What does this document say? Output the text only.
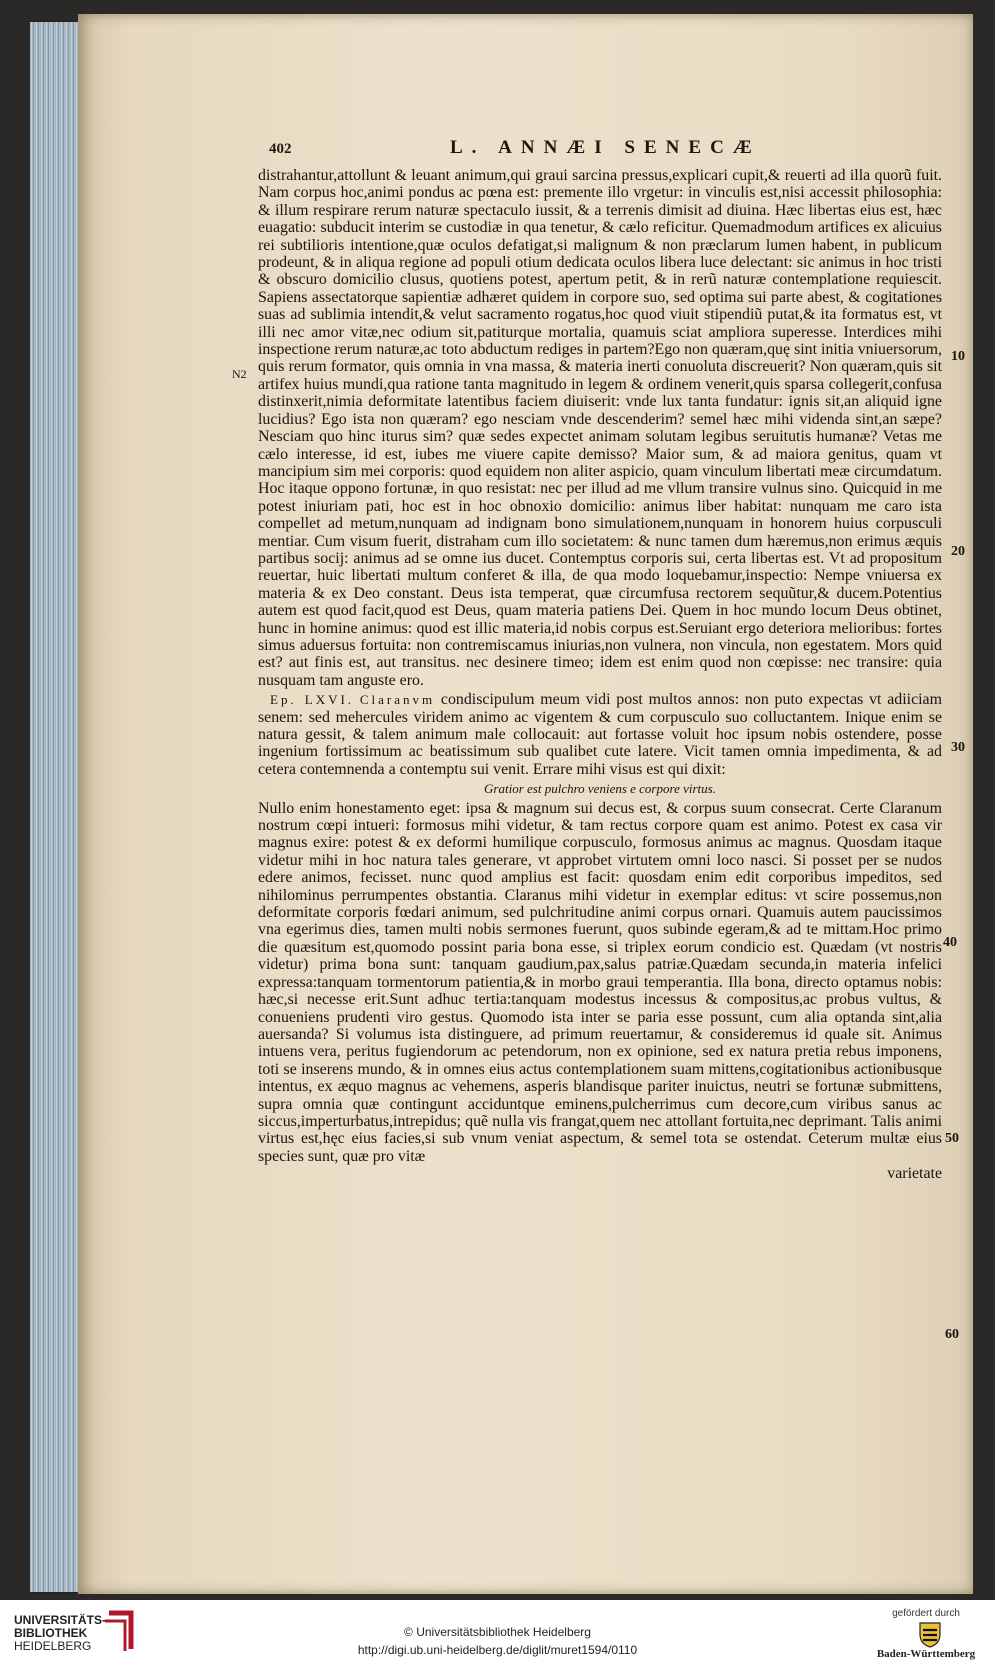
402	L. ANNÆI SENECÆ
N2
10
20
30
40
50
60

distrahantur,attollunt & leuant animum,qui graui sarcina pressus,explicari cupit,& reuerti ad illa quorũ fuit. Nam corpus hoc,animi pondus ac pœna est: premente illo vrgetur: in vinculis est,nisi accessit philosophia: & illum respirare rerum naturæ spectaculo iussit, & a terrenis dimisit ad diuina. Hæc libertas eius est, hæc euagatio: subducit interim se custodiæ in qua tenetur, & cælo reficitur. Quemadmodum artifices ex alicuius rei subtilioris intentione,quæ oculos defatigat,si malignum & non præclarum lumen habent, in publicum prodeunt, & in aliqua regione ad populi otium dedicata oculos libera luce delectant: sic animus in hoc tristi & obscuro domicilio clusus, quotiens potest, apertum petit, & in rerũ naturæ contemplatione requiescit. Sapiens assectatorque sapientiæ adhæret quidem in corpore suo, sed optima sui parte abest, & cogitationes suas ad sublimia intendit,& velut sacramento rogatus,hoc quod viuit stipendiũ putat,& ita formatus est, vt illi nec amor vitæ,nec odium sit,patiturque mortalia, quamuis sciat ampliora superesse. Interdices mihi inspectione rerum naturæ,ac toto abductum rediges in partem?Ego non quæram,quę sint initia vniuersorum, quis rerum formator, quis omnia in vna massa, & materia inerti conuoluta discreuerit? Non quæram,quis sit artifex huius mundi,qua ratione tanta magnitudo in legem & ordinem venerit,quis sparsa collegerit,confusa distinxerit,nimia deformitate latentibus faciem diuiserit: vnde lux tanta fundatur: ignis sit,an aliquid igne lucidius? Ego ista non quæram? ego nesciam vnde descenderim? semel hæc mihi videnda sint,an sæpe? Nesciam quo hinc iturus sim? quæ sedes expectet animam solutam legibus seruitutis humanæ? Vetas me cælo interesse, id est, iubes me viuere capite demisso? Maior sum, & ad maiora genitus, quam vt mancipium sim mei corporis: quod equidem non aliter aspicio, quam vinculum libertati meæ circumdatum. Hoc itaque oppono fortunæ, in quo resistat: nec per illud ad me vllum transire vulnus sino. Quicquid in me potest iniuriam pati, hoc est in hoc obnoxio domicilio: animus liber habitat: nunquam me caro ista compellet ad metum,nunquam ad indignam bono simulationem,nunquam in honorem huius corpusculi mentiar. Cum visum fuerit, distraham cum illo societatem: & nunc tamen dum hæremus,non erimus æquis partibus socij: animus ad se omne ius ducet. Contemptus corporis sui, certa libertas est. Vt ad propositum reuertar, huic libertati multum conferet & illa, de qua modo loquebamur,inspectio: Nempe vniuersa ex materia & ex Deo constant. Deus ista temperat, quæ circumfusa rectorem sequũtur,& ducem.Potentius autem est quod facit,quod est Deus, quam materia patiens Dei. Quem in hoc mundo locum Deus obtinet, hunc in homine animus: quod est illic materia,id nobis corpus est.Seruiant ergo deteriora melioribus: fortes simus aduersus fortuita: non contremiscamus iniurias,non vulnera, non vincula, non egestatem. Mors quid est? aut finis est, aut transitus. nec desinere timeo; idem est enim quod non cœpisse: nec transire: quia nusquam tam anguste ero.

Ep. LXVI. Claranvm condiscipulum meum vidi post multos annos: non puto expectas vt adiiciam senem: sed mehercules viridem animo ac vigentem & cum corpusculo suo colluctantem. Inique enim se natura gessit, & talem animum male collocauit: aut fortasse voluit hoc ipsum nobis ostendere, posse ingenium fortissimum ac beatissimum sub qualibet cute latere. Vicit tamen omnia impedimenta, & ad cetera contemnenda a contemptu sui venit. Errare mihi visus est qui dixit:

Gratior est pulchro veniens e corpore virtus.

Nullo enim honestamento eget: ipsa & magnum sui decus est, & corpus suum consecrat. Certe Claranum nostrum cœpi intueri: formosus mihi videtur, & tam rectus corpore quam est animo. Potest ex casa vir magnus exire: potest & ex deformi humilique corpusculo, formosus animus ac magnus. Quosdam itaque videtur mihi in hoc natura tales generare, vt approbet virtutem omni loco nasci. Si posset per se nudos edere animos, fecisset. nunc quod amplius est facit: quosdam enim edit corporibus impeditos, sed nihilominus perrumpentes obstantia. Claranus mihi videtur in exemplar editus: vt scire possemus,non deformitate corporis fœdari animum, sed pulchritudine animi corpus ornari. Quamuis autem paucissimos vna egerimus dies, tamen multi nobis sermones fuerunt, quos subinde egeram,& ad te mittam.Hoc primo die quæsitum est,quomodo possint paria bona esse, si triplex eorum condicio est. Quædam (vt nostris videtur) prima bona sunt: tanquam gaudium,pax,salus patriæ.Quædam secunda,in materia infelici expressa:tanquam tormentorum patientia,& in morbo graui temperantia. Illa bona, directo optamus nobis: hæc,si necesse erit.Sunt adhuc tertia:tanquam modestus incessus & compositus,ac probus vultus, & conueniens prudenti viro gestus. Quomodo ista inter se paria esse possunt, cum alia optanda sint,alia auersanda? Si volumus ista distinguere, ad primum reuertamur, & consideremus id quale sit. Animus intuens vera, peritus fugiendorum ac petendorum, non ex opinione, sed ex natura pretia rebus imponens, toti se inserens mundo, & in omnes eius actus contemplationem suam mittens,cogitationibus actionibusque intentus, ex æquo magnus ac vehemens, asperis blandisque pariter inuictus, neutri se fortunæ submittens, supra omnia quæ contingunt acciduntque eminens,pulcherrimus cum decore,cum viribus sanus ac siccus,imperturbatus,intrepidus; quẽ nulla vis frangat,quem nec attollant fortuita,nec deprimant. Talis animi virtus est,hęc eius facies,si sub vnum veniat aspectum, & semel tota se ostendat. Ceterum multæ eius species sunt, quæ pro vitæ

varietate

UNIVERSITÄTS-
BIBLIOTHEK
HEIDELBERG
© Universitätsbibliothek Heidelberg
http://digi.ub.uni-heidelberg.de/diglit/muret1594/0110
gefördert durch
Baden-Württemberg
